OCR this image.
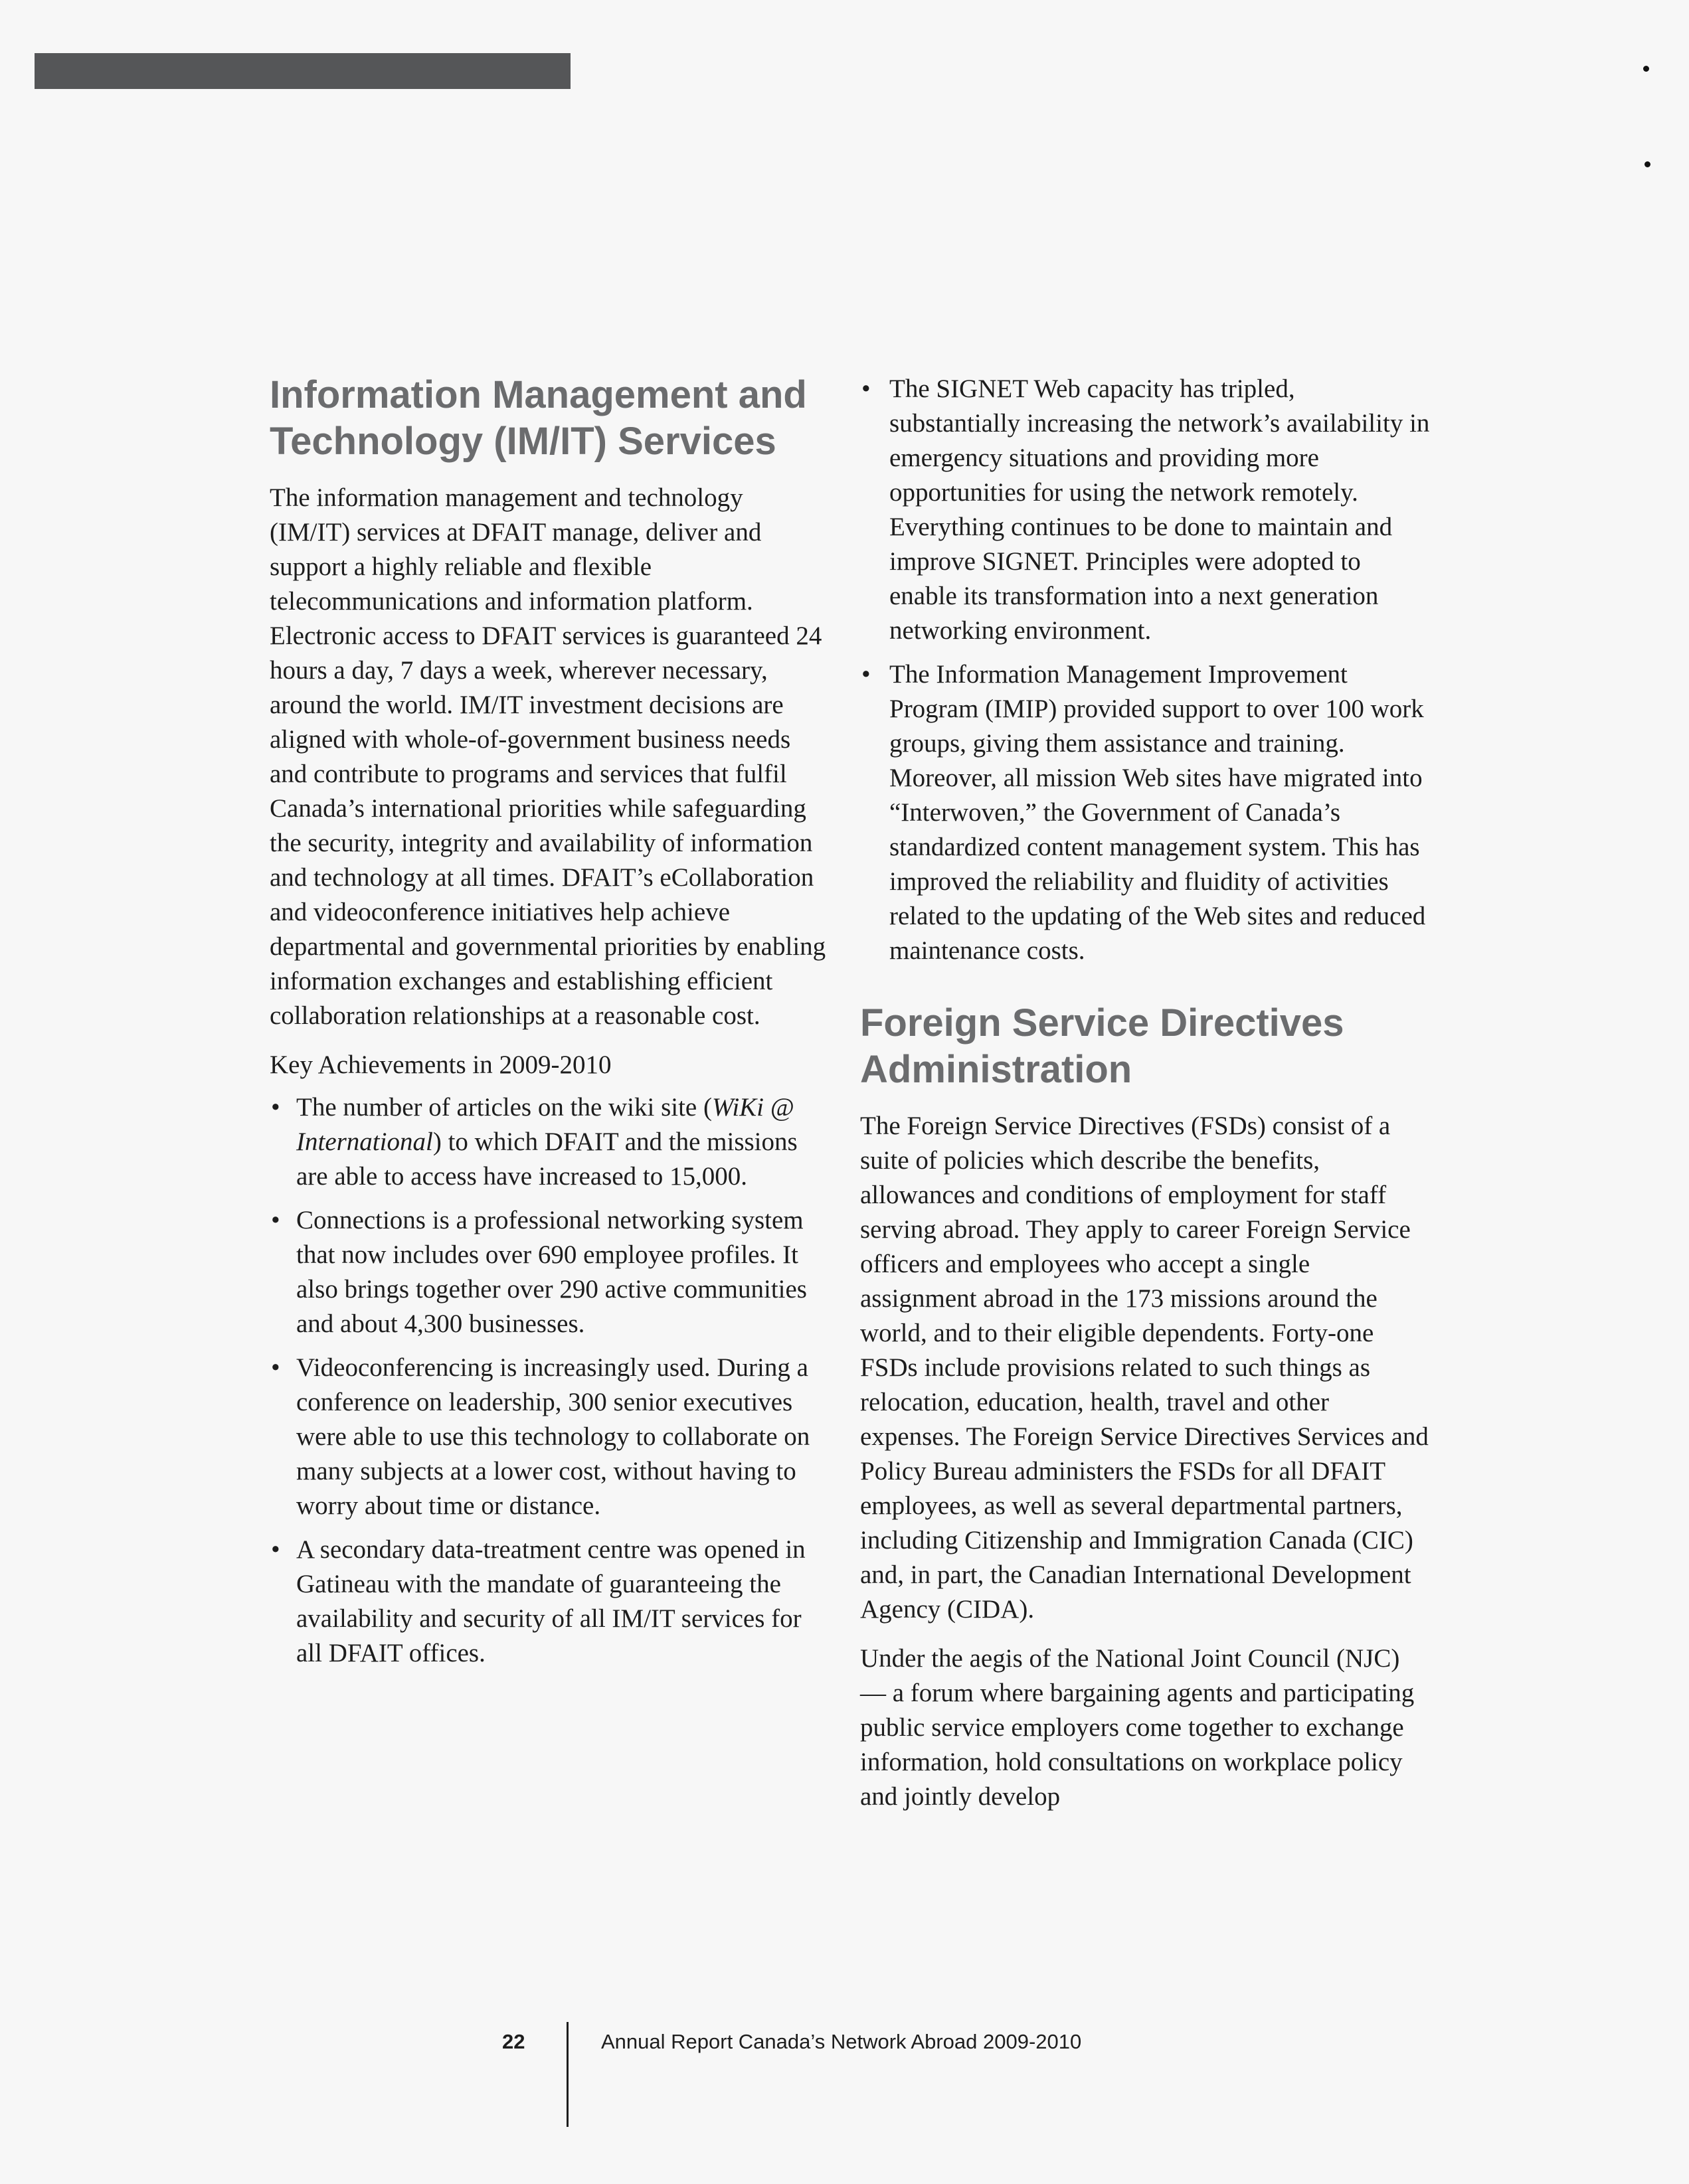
Information Management and Technology (IM/IT) Services

The information management and technology (IM/IT) services at DFAIT manage, deliver and support a highly reliable and flexible telecommunications and information platform. Electronic access to DFAIT services is guaranteed 24 hours a day, 7 days a week, wherever necessary, around the world. IM/IT investment decisions are aligned with whole-of-government business needs and contribute to programs and services that fulfil Canada’s international priorities while safeguarding the security, integrity and availability of information and technology at all times. DFAIT’s eCollaboration and videoconference initiatives help achieve departmental and governmental priorities by enabling information exchanges and establishing efficient collaboration relationships at a reasonable cost.

Key Achievements in 2009-2010

• The number of articles on the wiki site (WiKi @ International) to which DFAIT and the missions are able to access have increased to 15,000.
• Connections is a professional networking system that now includes over 690 employee profiles. It also brings together over 290 active communities and about 4,300 businesses.
• Videoconferencing is increasingly used. During a conference on leadership, 300 senior executives were able to use this technology to collaborate on many subjects at a lower cost, without having to worry about time or distance.
• A secondary data-treatment centre was opened in Gatineau with the mandate of guaranteeing the availability and security of all IM/IT services for all DFAIT offices.
• The SIGNET Web capacity has tripled, substantially increasing the network’s availability in emergency situations and providing more opportunities for using the network remotely. Everything continues to be done to maintain and improve SIGNET. Principles were adopted to enable its transformation into a next generation networking environment.
• The Information Management Improvement Program (IMIP) provided support to over 100 work groups, giving them assistance and training. Moreover, all mission Web sites have migrated into “Interwoven,” the Government of Canada’s standardized content management system. This has improved the reliability and fluidity of activities related to the updating of the Web sites and reduced maintenance costs.
Foreign Service Directives Administration

The Foreign Service Directives (FSDs) consist of a suite of policies which describe the benefits, allowances and conditions of employment for staff serving abroad. They apply to career Foreign Service officers and employees who accept a single assignment abroad in the 173 missions around the world, and to their eligible dependents. Forty-one FSDs include provisions related to such things as relocation, education, health, travel and other expenses. The Foreign Service Directives Services and Policy Bureau administers the FSDs for all DFAIT employees, as well as several departmental partners, including Citizenship and Immigration Canada (CIC) and, in part, the Canadian International Development Agency (CIDA).

Under the aegis of the National Joint Council (NJC) — a forum where bargaining agents and participating public service employers come together to exchange information, hold consultations on workplace policy and jointly develop

22	Annual Report Canada’s Network Abroad 2009-2010
